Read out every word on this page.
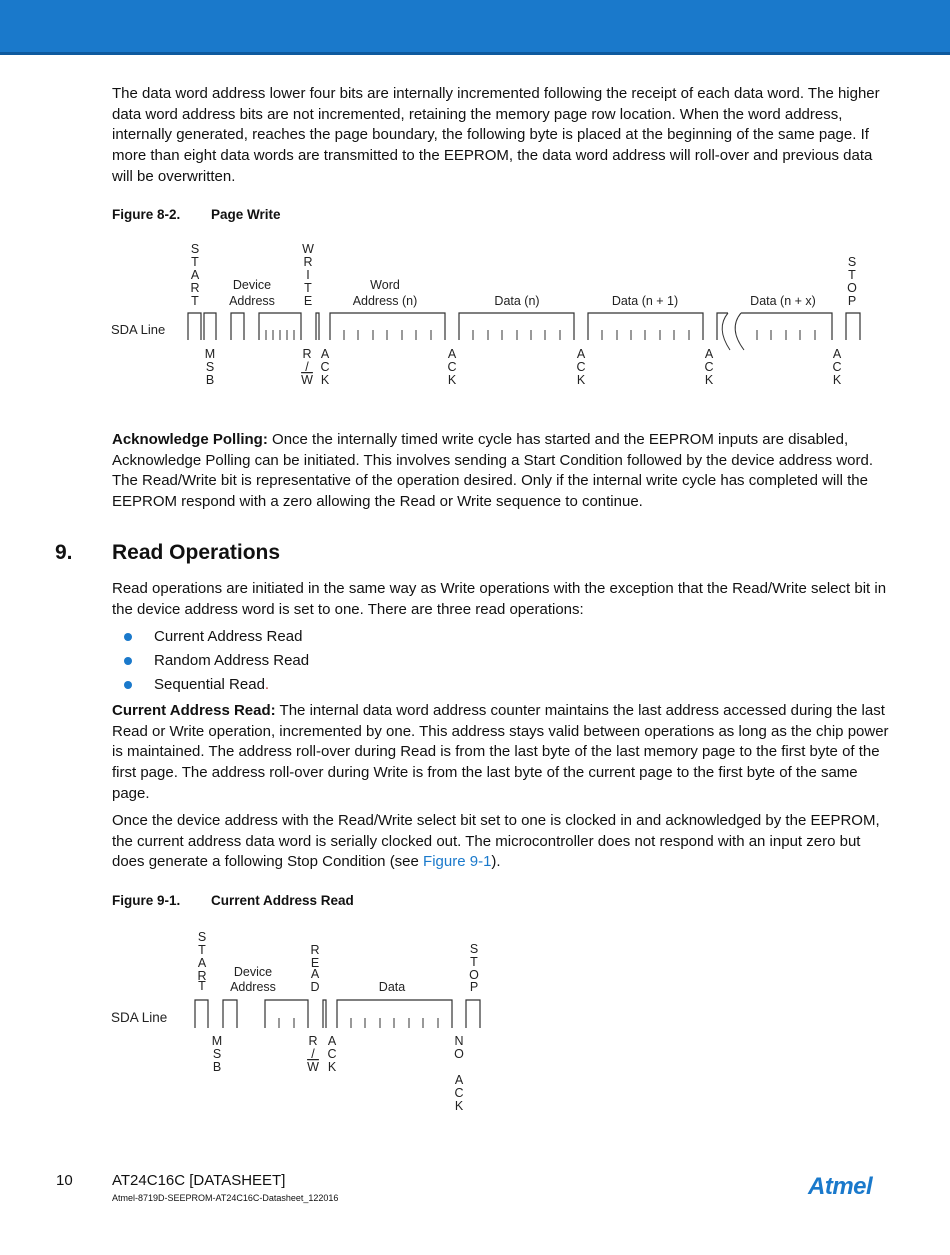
The data word address lower four bits are internally incremented following the receipt of each data word. The higher data word address bits are not incremented, retaining the memory page row location. When the word address, internally generated, reaches the page boundary, the following byte is placed at the beginning of the same page. If more than eight data words are transmitted to the EEPROM, the data word address will roll-over and previous data will be overwritten.

Figure 8-2. Page Write
S
T
A
R
T
Device
Address
W
R
I
T
E
Word
Address (n)	Data (n)	Data (n + 1)	Data (n + x)
S
T
O
P
SDA Line
M
S
B
R
/
W
A
C
K
A
C
K
A
C
K
A
C
K
A
C
K

Acknowledge Polling: Once the internally timed write cycle has started and the EEPROM inputs are disabled, Acknowledge Polling can be initiated. This involves sending a Start Condition followed by the device address word. The Read/Write bit is representative of the operation desired. Only if the internal write cycle has completed will the EEPROM respond with a zero allowing the Read or Write sequence to continue.

9. Read Operations

Read operations are initiated in the same way as Write operations with the exception that the Read/Write select bit in the device address word is set to one. There are three read operations:

Current Address Read
Random Address Read
Sequential Read.

Current Address Read: The internal data word address counter maintains the last address accessed during the last Read or Write operation, incremented by one. This address stays valid between operations as long as the chip power is maintained. The address roll-over during Read is from the last byte of the last memory page to the first byte of the first page. The address roll-over during Write is from the last byte of the current page to the first byte of the same page.

Once the device address with the Read/Write select bit set to one is clocked in and acknowledged by the EEPROM, the current address data word is serially clocked out. The microcontroller does not respond with an input zero but does generate a following Stop Condition (see Figure 9-1).

Figure 9-1. Current Address Read
S
T
A
R
T
Device
Address
R
E
A
D	Data
S
T
O
P
SDA Line
M
S
B
R
/
W
A
C
K
N
O
A
C
K
10	AT24C16C [DATASHEET]
Atmel-8719D-SEEPROM-AT24C16C-Datasheet_122016	Atmel
